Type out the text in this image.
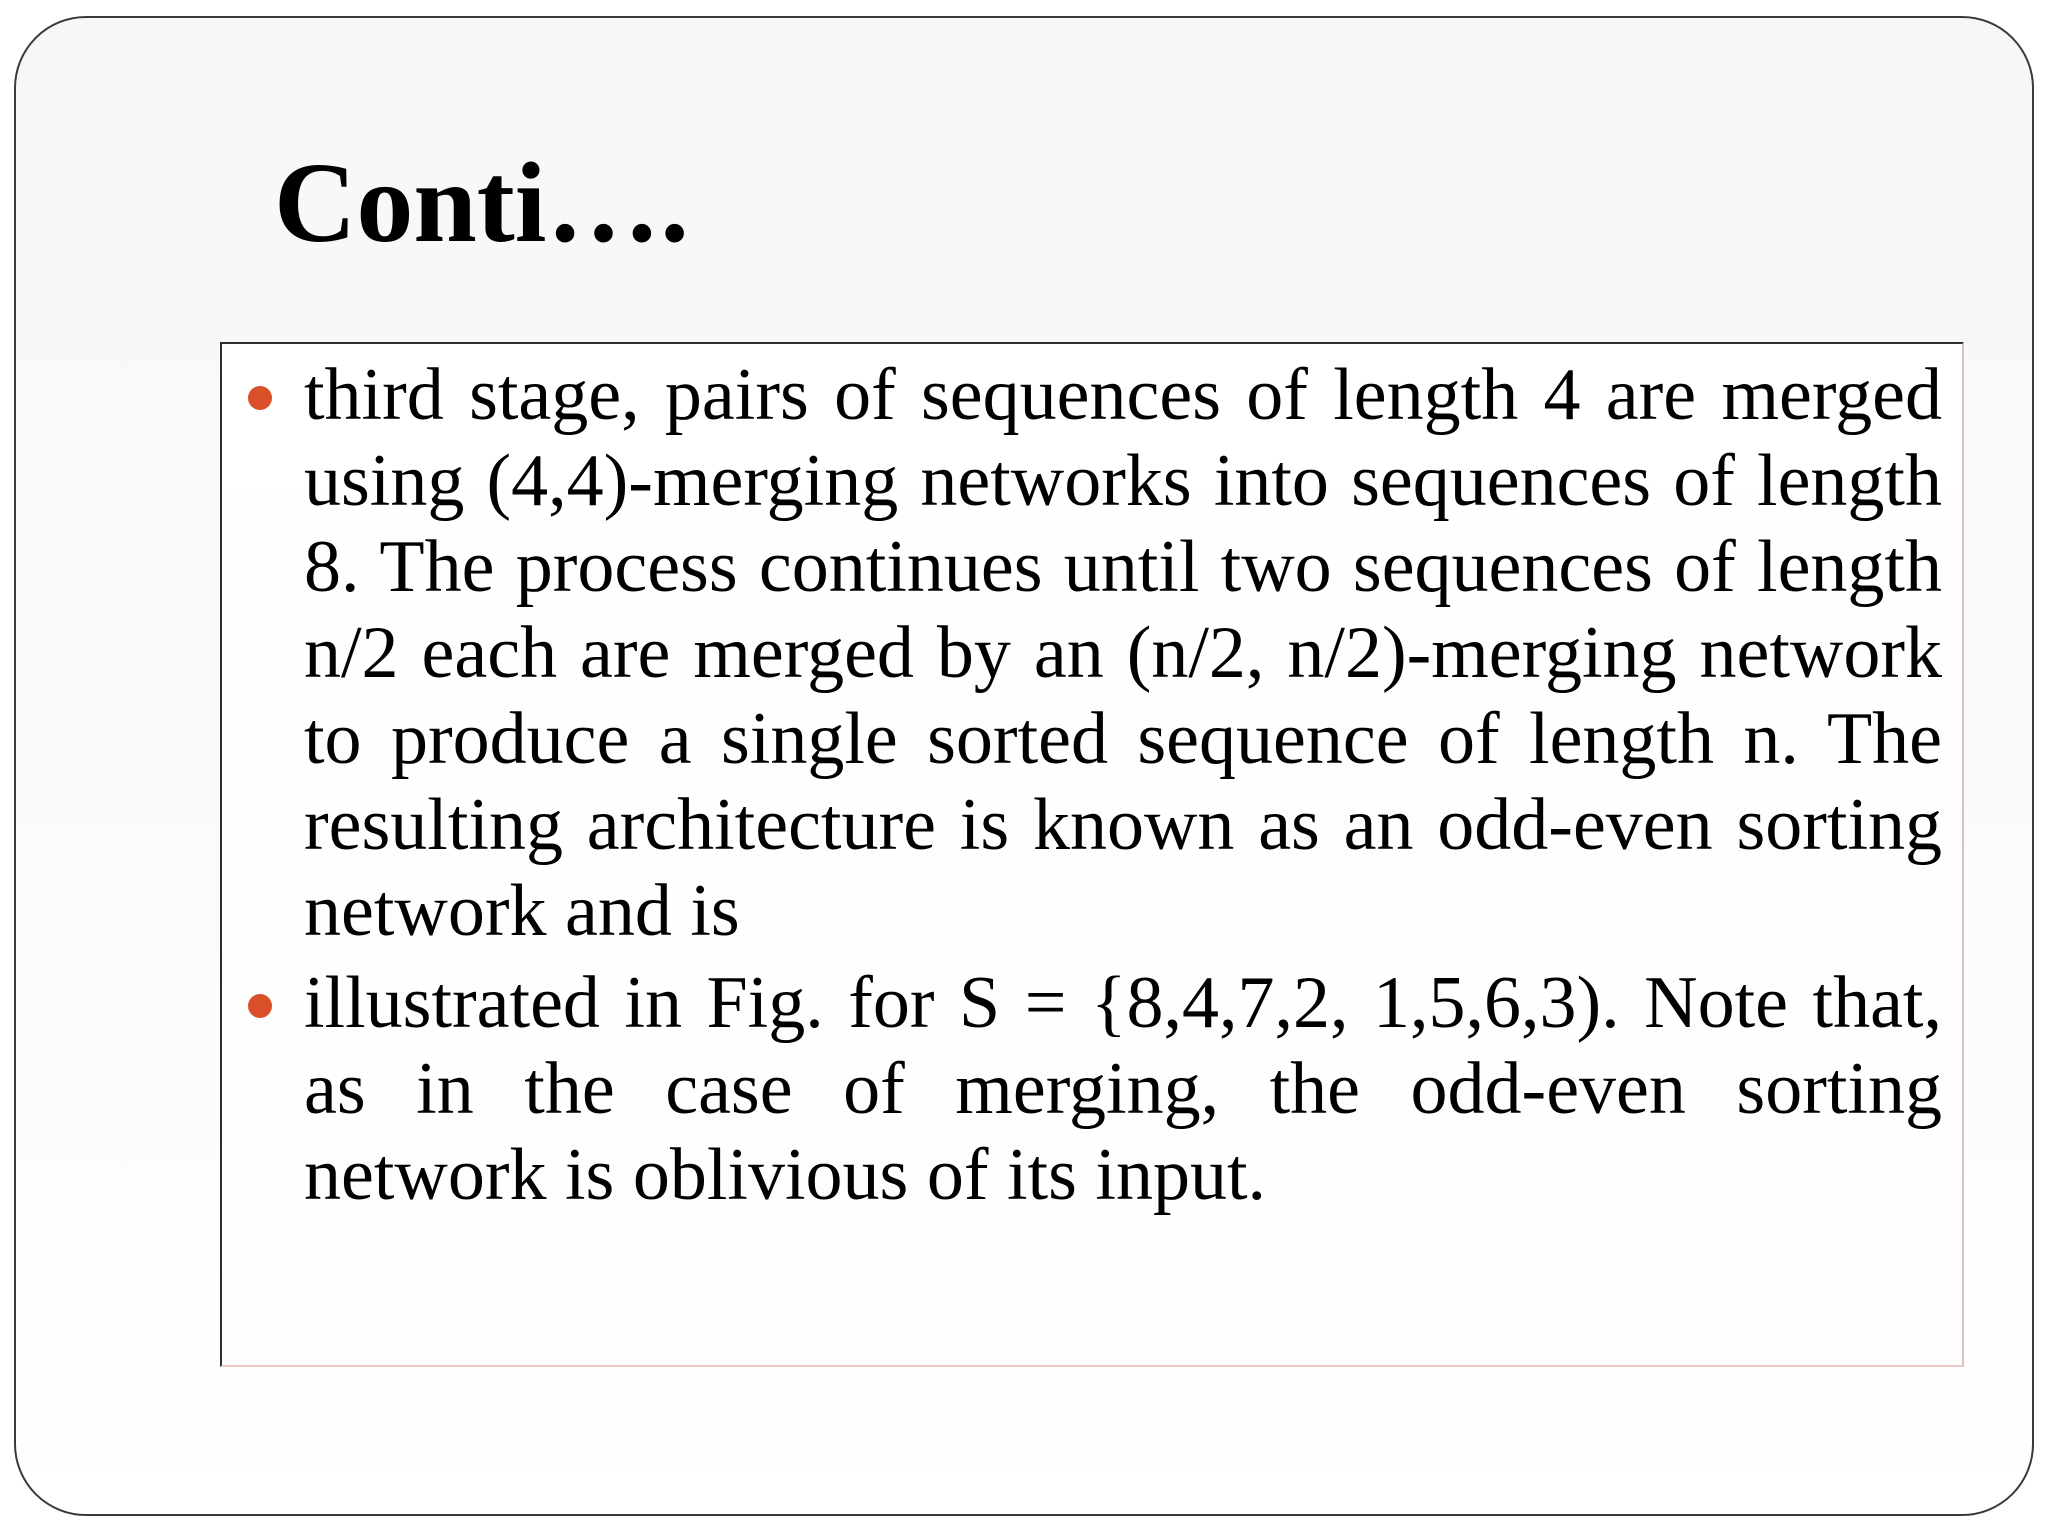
Conti….
third stage, pairs of sequences of length 4 are merged using (4,4)-merging networks into sequences of length 8. The process continues until two sequences of length n/2 each are merged by an (n/2, n/2)-merging network to produce a single sorted sequence of length n. The resulting architecture is known as an odd-even sorting network and is
illustrated in Fig. for S = {8,4,7,2, 1,5,6,3). Note that, as in the case of merging, the odd-even sorting network is oblivious of its input.
